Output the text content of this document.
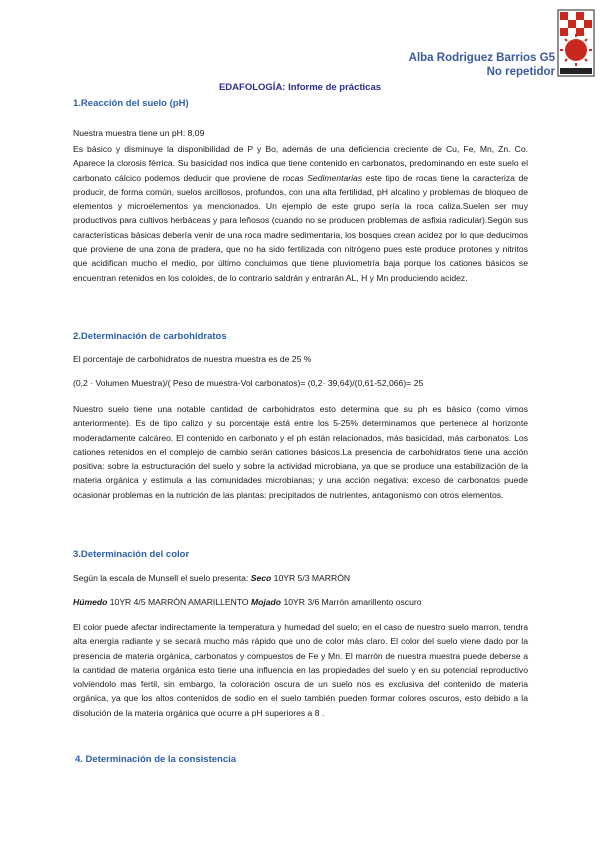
Alba Rodriguez Barrios G5
No repetidor
EDAFOLOGÍA: Informe de prácticas
1.Reacción del suelo (pH)
Nuestra muestra tiene un pH: 8,09
Es básico y disminuye la disponibilidad de P y Bo, además de una deficiencia creciente de Cu, Fe, Mn, Zn. Co. Aparece la clorosis férrica. Su basicidad nos indica que tiene contenido en carbonatos, predominando en este suelo el carbonato cálcico podemos deducir que proviene de rocas Sedimentarias este tipo de rocas tiene la caracteriza de producir, de forma común, suelos arcillosos, profundos, con una alta fertilidad, pH alcalino y problemas de bloqueo de elementos y microelementos ya mencionados. Un ejemplo de este grupo sería la roca caliza.Suelen ser muy productivos para cultivos herbáceas y para leñosos (cuando no se producen problemas de asfixia radicular).Según sus características básicas debería venir de una roca madre sedimentaria, los bosques crean acidez por lo que deducimos que proviene de una zona de pradera, que no ha sido fertilizada con nitrógeno pues este produce protones y nitritos que acidifican mucho el medio, por último concluimos que tiene pluviometría baja porque los cationes básicos se encuentran retenidos en los coloides, de lo contrario saldrán y entrarán AL, H y Mn produciendo acidez.
2.Determinación de carbohidratos
El porcentaje de carbohidratos de nuestra muestra es de 25 %
(0,2 · Volumen Muestra)/( Peso de muestra-Vol carbonatos)= (0,2· 39,64)/(0,61-52,066)= 25
Nuestro suelo tiene una notable cantidad de carbohidratos esto determina que su ph es básico (como vimos anteriormente). Es de tipo calizo y su porcentaje está entre los 5-25% determinamos que pertenece al horizonte moderadamente calcáreo. El contenido en carbonato y el ph están relacionados, más basicidad, más carbonatos. Los cationes retenidos en el complejo de cambio serán cationes básicos.La presencia de carbohidratos tiene una acción positiva: sobre la estructuración del suelo y sobre la actividad microbiana, ya que se produce una estabilización de la materia orgánica y estimula a las comunidades microbianas; y una acción negativa: exceso de carbonatos puede ocasionar problemas en la nutrición de las plantas: precipitados de nutrientes, antagonismo con otros elementos.
3.Determinación del color
Según la escala de Munsell el suelo presenta: Seco 10YR 5/3 MARRÓN
Húmedo 10YR 4/5 MARRÓN AMARILLENTO Mojado 10YR 3/6 Marrón amarillento oscuro
El color puede afectar indirectamente la temperatura y humedad del suelo; en el caso de nuestro suelo marron, tendra alta energía radiante y se secará mucho más rápido que uno de color más claro. El color del suelo viene dado por la presencia de materia orgánica, carbonatos y compuestos de Fe y Mn. El marrón de nuestra muestra puede deberse a la cantidad de materia orgánica esto tiene una influencia en las propiedades del suelo y en su potencial reproductivo volviendolo mas fertil, sin embargo, la coloración oscura de un suelo nos es exclusiva del contenido de materia orgánica, ya que los altos contenidos de sodio en el suelo también pueden formar colores oscuros, esto debido a la disolución de la materia orgánica que ocurre a pH superiores a 8 .
4. Determinación de la consistencia
